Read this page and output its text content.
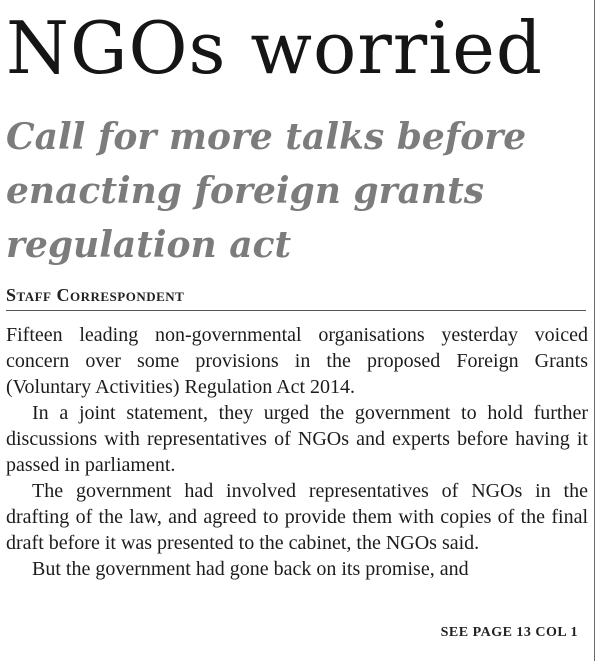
NGOs worried
Call for more talks before enacting foreign grants regulation act
Staff Correspondent

Fifteen leading non-governmental organisations yesterday voiced concern over some provisions in the proposed Foreign Grants (Voluntary Activities) Regulation Act 2014.

In a joint statement, they urged the government to hold further discussions with representatives of NGOs and experts before having it passed in parliament.

The government had involved representatives of NGOs in the drafting of the law, and agreed to provide them with copies of the final draft before it was presented to the cabinet, the NGOs said.

But the government had gone back on its promise, and

SEE PAGE 13 COL 1
